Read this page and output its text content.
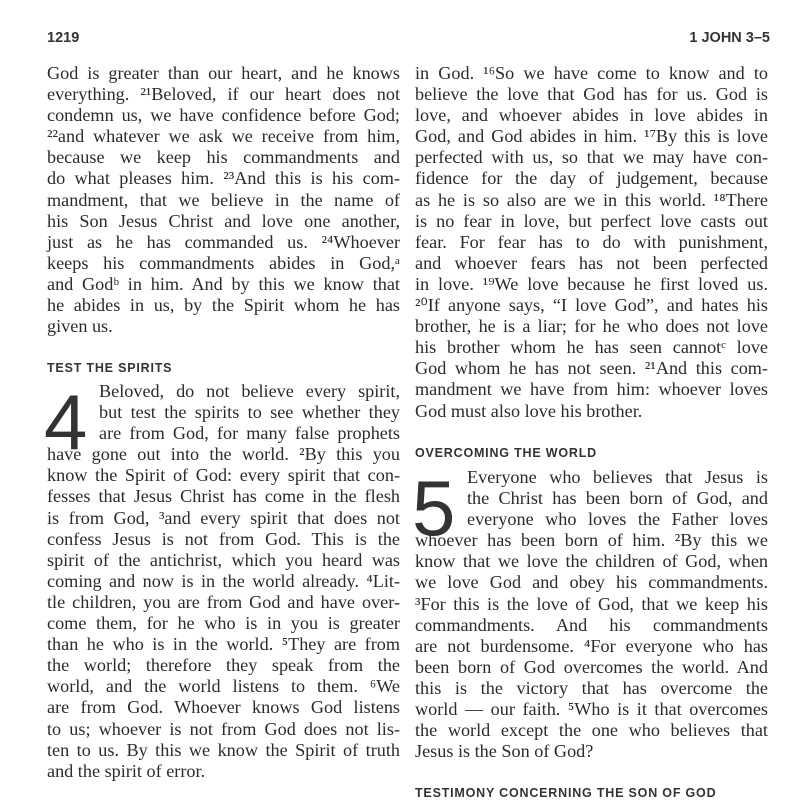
1219	1 JOHN 3–5
God is greater than our heart, and he knows
everything. ²¹Beloved, if our heart does not
condemn us, we have confidence before God;
²²and whatever we ask we receive from him,
because we keep his commandments and
do what pleases him. ²³And this is his com-
mandment, that we believe in the name of
his Son Jesus Christ and love one another,
just as he has commanded us. ²⁴Whoever
keeps his commandments abides in God,ᵃ
and Godᵇ in him. And by this we know that
he abides in us, by the Spirit whom he has
given us.
TEST THE SPIRITS
4 Beloved, do not believe every spirit,
but test the spirits to see whether they
are from God, for many false prophets
have gone out into the world. ²By this you
know the Spirit of God: every spirit that con-
fesses that Jesus Christ has come in the flesh
is from God, ³and every spirit that does not
confess Jesus is not from God. This is the
spirit of the antichrist, which you heard was
coming and now is in the world already. ⁴Lit-
tle children, you are from God and have over-
come them, for he who is in you is greater
than he who is in the world. ⁵They are from
the world; therefore they speak from the
world, and the world listens to them. ⁶We
are from God. Whoever knows God listens
to us; whoever is not from God does not lis-
ten to us. By this we know the Spirit of truth
and the spirit of error.
in God. ¹⁶So we have come to know and to
believe the love that God has for us. God is
love, and whoever abides in love abides in
God, and God abides in him. ¹⁷By this is love
perfected with us, so that we may have con-
fidence for the day of judgement, because
as he is so also are we in this world. ¹⁸There
is no fear in love, but perfect love casts out
fear. For fear has to do with punishment,
and whoever fears has not been perfected
in love. ¹⁹We love because he first loved us.
²⁰If anyone says, “I love God”, and hates his
brother, he is a liar; for he who does not love
his brother whom he has seen cannotᶜ love
God whom he has not seen. ²¹And this com-
mandment we have from him: whoever loves
God must also love his brother.
OVERCOMING THE WORLD
5 Everyone who believes that Jesus is
the Christ has been born of God, and
everyone who loves the Father loves
whoever has been born of him. ²By this we
know that we love the children of God, when
we love God and obey his commandments.
³For this is the love of God, that we keep his
commandments. And his commandments
are not burdensome. ⁴For everyone who has
been born of God overcomes the world. And
this is the victory that has overcome the
world — our faith. ⁵Who is it that overcomes
the world except the one who believes that
Jesus is the Son of God?
TESTIMONY CONCERNING THE SON OF GOD
